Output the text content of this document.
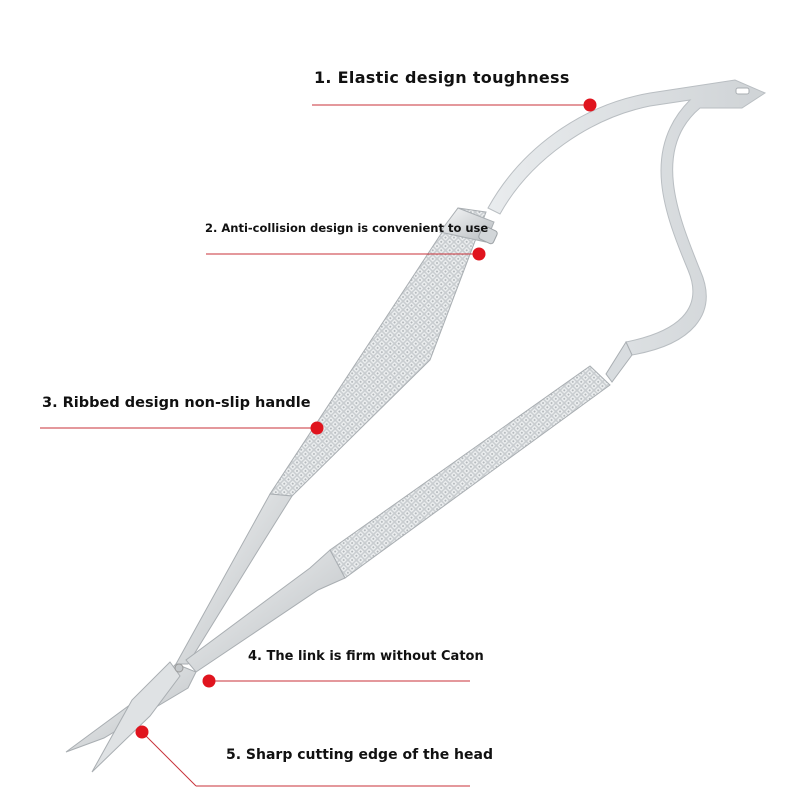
1. Elastic design toughness
2. Anti-collision design is convenient to use
3. Ribbed design non-slip handle
4. The link is firm without Caton
5. Sharp cutting edge of the head
